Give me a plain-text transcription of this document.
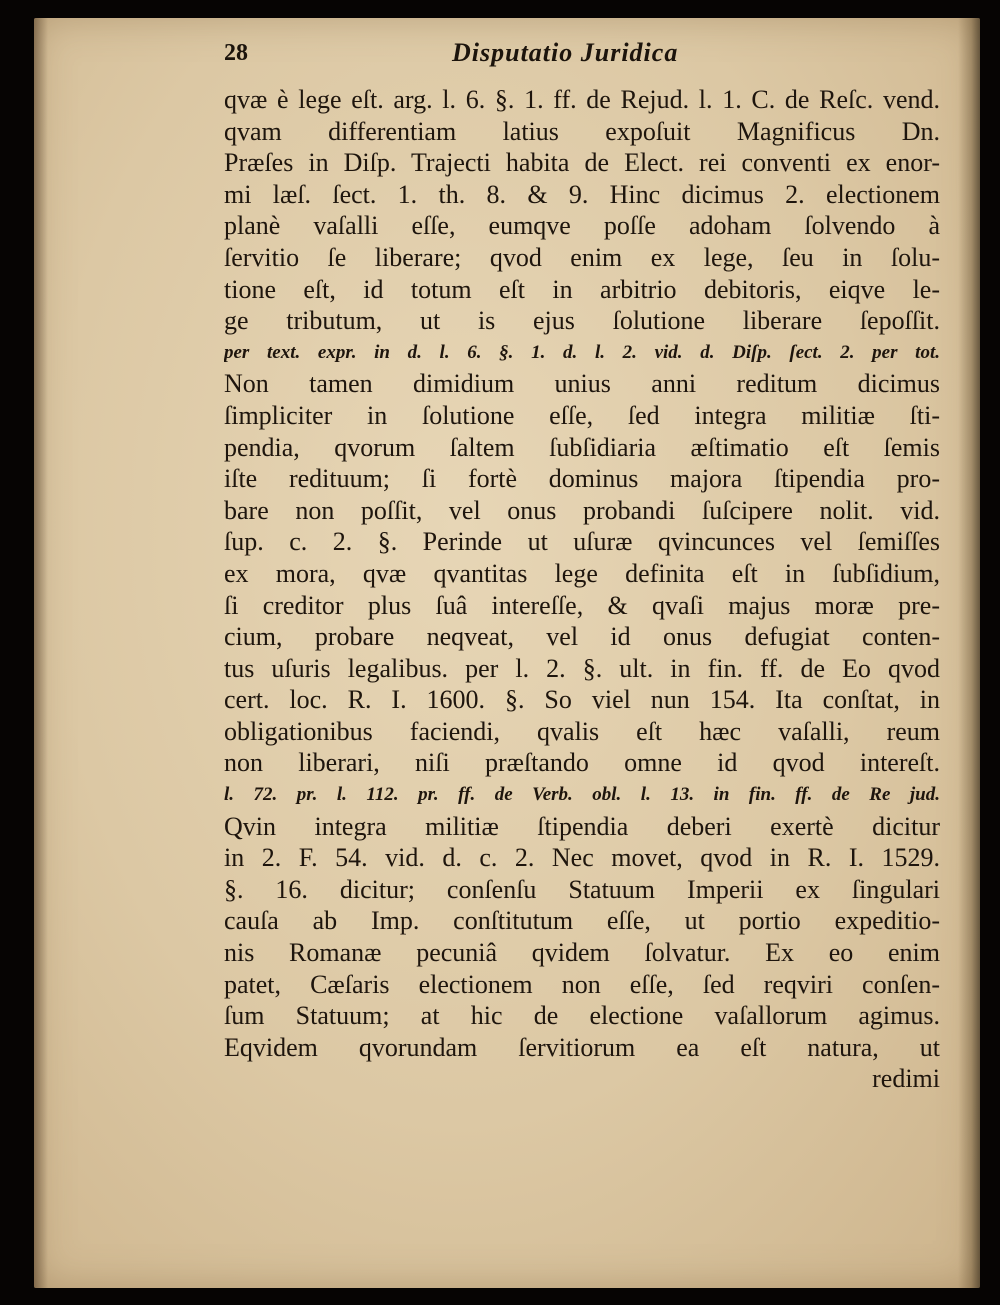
28	Disputatio Juridica
qvæ è lege eſt. arg. l. 6. §. 1. ff. de Rejud. l. 1. C. de Reſc. vend.
qvam differentiam latius expoſuit Magnificus Dn.
Præſes in Diſp. Trajecti habita de Elect. rei conventi ex enor-
mi læſ. ſect. 1. th. 8. & 9. Hinc dicimus 2. electionem
planè vaſalli eſſe, eumqve poſſe adoham ſolvendo à
ſervitio ſe liberare; qvod enim ex lege, ſeu in ſolu-
tione eſt, id totum eſt in arbitrio debitoris, eiqve le-
ge tributum, ut is ejus ſolutione liberare ſepoſſit.
per text. expr. in d. l. 6. §. 1. d. l. 2. vid. d. Diſp. ſect. 2. per tot.
Non tamen dimidium unius anni reditum dicimus
ſimpliciter in ſolutione eſſe, ſed integra militiæ ſti-
pendia, qvorum ſaltem ſubſidiaria æſtimatio eſt ſemis
iſte redituum; ſi fortè dominus majora ſtipendia pro-
bare non poſſit, vel onus probandi ſuſcipere nolit. vid.
ſup. c. 2. §. Perinde ut uſuræ qvincunces vel ſemiſſes
ex mora, qvæ qvantitas lege definita eſt in ſubſidium,
ſi creditor plus ſuâ intereſſe, & qvaſi majus moræ pre-
cium, probare neqveat, vel id onus defugiat conten-
tus uſuris legalibus. per l. 2. §. ult. in fin. ff. de Eo qvod
cert. loc. R. I. 1600. §. So viel nun 154. Ita conſtat, in
obligationibus faciendi, qvalis eſt hæc vaſalli, reum
non liberari, niſi præſtando omne id qvod intereſt.
l. 72. pr. l. 112. pr. ff. de Verb. obl. l. 13. in fin. ff. de Re jud.
Qvin integra militiæ ſtipendia deberi exertè dicitur
in 2. F. 54. vid. d. c. 2. Nec movet, qvod in R. I. 1529.
§. 16. dicitur; conſenſu Statuum Imperii ex ſingulari
cauſa ab Imp. conſtitutum eſſe, ut portio expeditio-
nis Romanæ pecuniâ qvidem ſolvatur. Ex eo enim
patet, Cæſaris electionem non eſſe, ſed reqviri conſen-
ſum Statuum; at hic de electione vaſallorum agimus.
Eqvidem qvorundam ſervitiorum ea eſt natura, ut
redimi
